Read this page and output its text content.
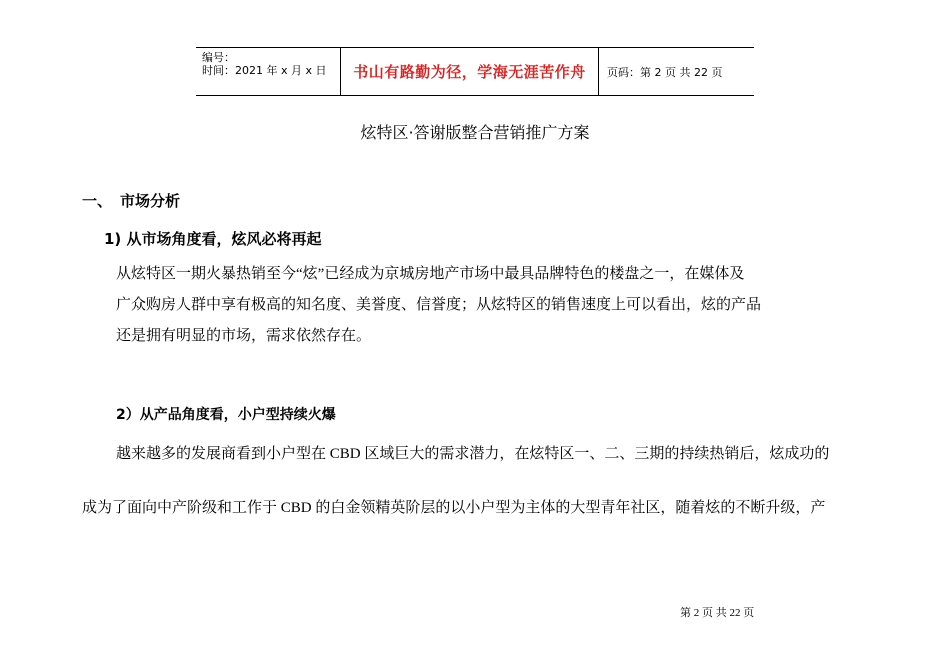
编号：
时间：2021 年 x 月 x 日	书山有路勤为径，学海无涯苦作舟 页码：第 2 页 共 22 页
炫特区·答谢版整合营销推广方案
一、 市场分析
1) 从市场角度看，炫风必将再起
从炫特区一期火暴热销至今“炫”已经成为京城房地产市场中最具品牌特色的楼盘之一，在媒体及
广众购房人群中享有极高的知名度、美誉度、信誉度；从炫特区的销售速度上可以看出，炫的产品
还是拥有明显的市场，需求依然存在。
2）从产品角度看，小户型持续火爆
越来越多的发展商看到小户型在 CBD 区域巨大的需求潜力，在炫特区一、二、三期的持续热销后，炫成功的
成为了面向中产阶级和工作于 CBD 的白金领精英阶层的以小户型为主体的大型青年社区，随着炫的不断升级，产
第 2 页 共 22 页
